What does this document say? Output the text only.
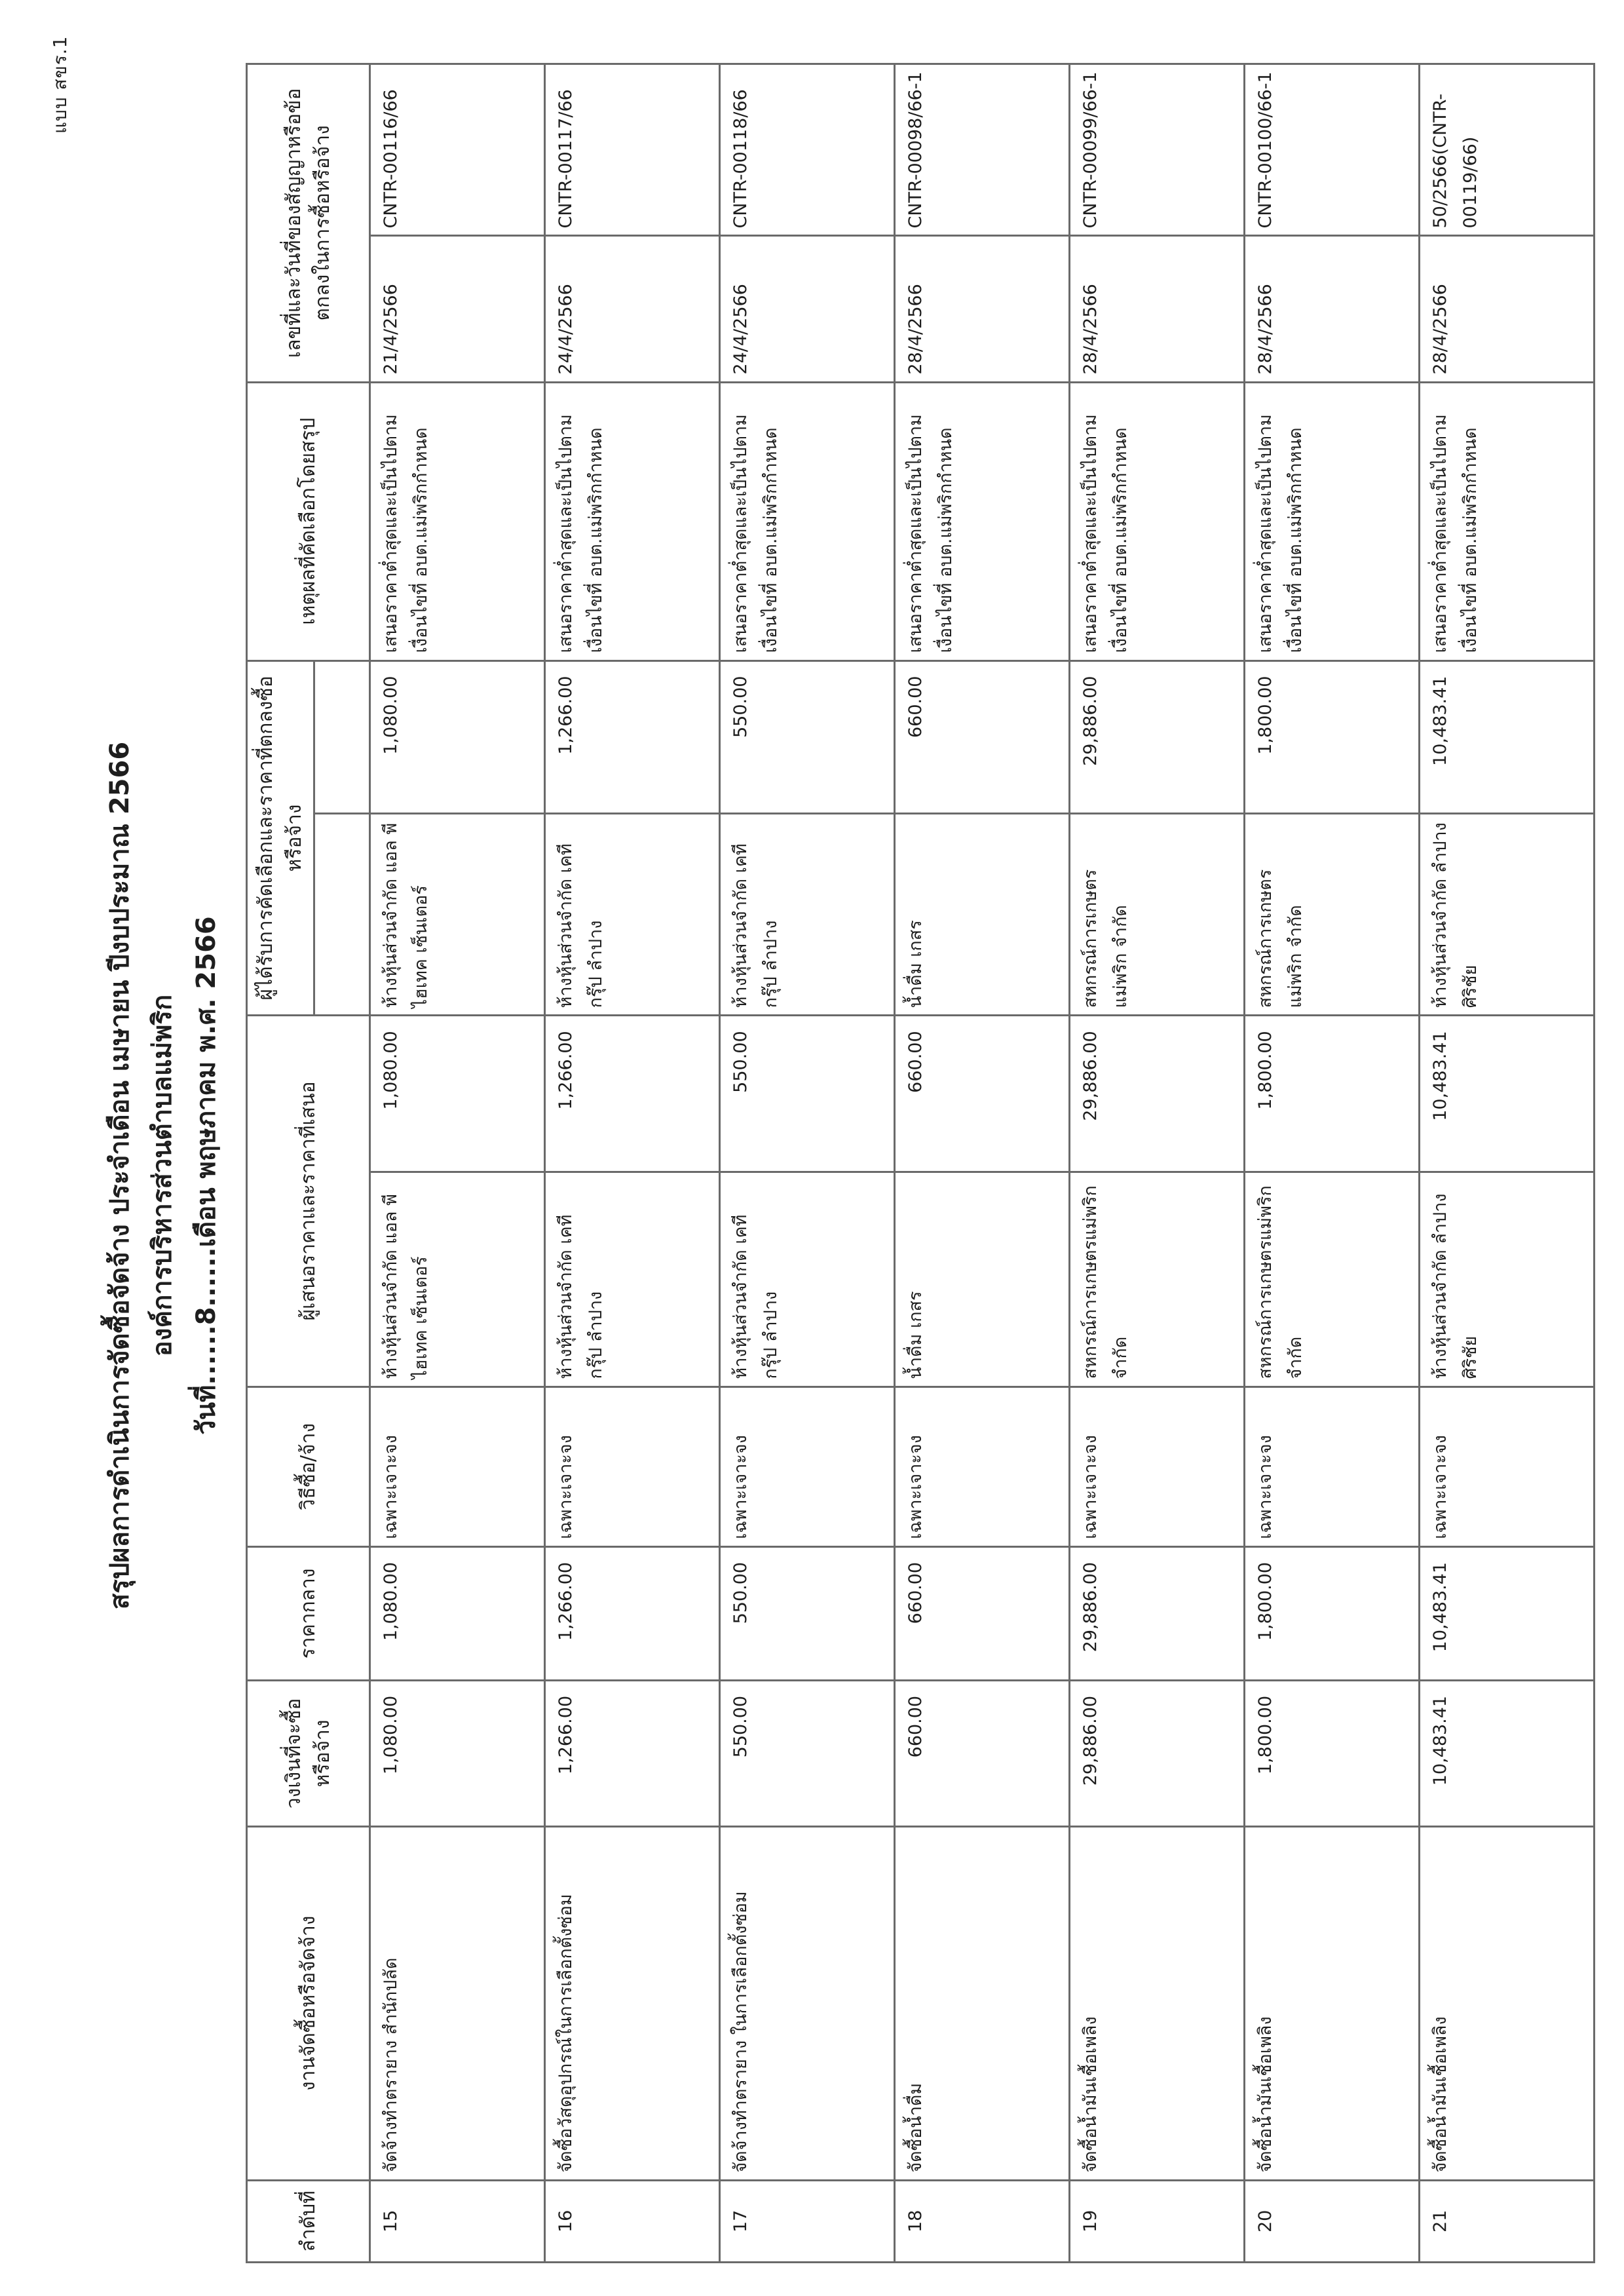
แบบ สขร.1
สรุปผลการดำเนินการจัดซื้อจัดจ้าง ประจำเดือน เมษายน ปีงบประมาณ 2566 องค์การบริหารส่วนตำบลแม่พริก วันที่......8......เดือน พฤษภาคม พ.ศ. 2566
ลำดับที่	งานจัดซื้อหรือจัดจ้าง	วงเงินที่จะซื้อหรือจ้าง	ราคากลาง	วิธีซื้อ/จ้าง	ผู้เสนอราคาและราคาที่เสนอ		ผู้ได้รับการคัดเลือกและราคาที่ตกลงซื้อหรือจ้าง		เหตุผลที่คัดเลือกโดยสรุป	เลขที่และวันที่ของสัญญาหรือข้อตกลงในการซื้อหรือจ้าง	

15	จัดจ้างทำตรายาง สำนักปลัด	1,080.00	1,080.00	เฉพาะเจาะจง	ห้างหุ้นส่วนจำกัด แอล พี ไฮเทค เซ็นเตอร์	1,080.00	ห้างหุ้นส่วนจำกัด แอล พี ไฮเทค เซ็นเตอร์	1,080.00	เสนอราคาต่ำสุดและเป็นไปตามเงื่อนไขที่ อบต.แม่พริกกำหนด	21/4/2566	CNTR-00116/66
16	จัดซื้อวัสดุอุปกรณ์ในการเลือกตั้งซ่อม	1,266.00	1,266.00	เฉพาะเจาะจง	ห้างหุ้นส่วนจำกัด เคที กรุ๊ป ลำปาง	1,266.00	ห้างหุ้นส่วนจำกัด เคที กรุ๊ป ลำปาง	1,266.00	เสนอราคาต่ำสุดและเป็นไปตามเงื่อนไขที่ อบต.แม่พริกกำหนด	24/4/2566	CNTR-00117/66
17	จัดจ้างทำตรายาง ในการเลือกตั้งซ่อม	550.00	550.00	เฉพาะเจาะจง	ห้างหุ้นส่วนจำกัด เคที กรุ๊ป ลำปาง	550.00	ห้างหุ้นส่วนจำกัด เคที กรุ๊ป ลำปาง	550.00	เสนอราคาต่ำสุดและเป็นไปตามเงื่อนไขที่ อบต.แม่พริกกำหนด	24/4/2566	CNTR-00118/66
18	จัดซื้อน้ำดื่ม	660.00	660.00	เฉพาะเจาะจง	น้ำดื่ม เกสร	660.00	น้ำดื่ม เกสร	660.00	เสนอราคาต่ำสุดและเป็นไปตามเงื่อนไขที่ อบต.แม่พริกกำหนด	28/4/2566	CNTR-00098/66-1
19	จัดซื้อน้ำมันเชื้อเพลิง	29,886.00	29,886.00	เฉพาะเจาะจง	สหกรณ์การเกษตรแม่พริก จำกัด	29,886.00	สหกรณ์การเกษตรแม่พริก จำกัด	29,886.00	เสนอราคาต่ำสุดและเป็นไปตามเงื่อนไขที่ อบต.แม่พริกกำหนด	28/4/2566	CNTR-00099/66-1
20	จัดซื้อน้ำมันเชื้อเพลิง	1,800.00	1,800.00	เฉพาะเจาะจง	สหกรณ์การเกษตรแม่พริก จำกัด	1,800.00	สหกรณ์การเกษตรแม่พริก จำกัด	1,800.00	เสนอราคาต่ำสุดและเป็นไปตามเงื่อนไขที่ อบต.แม่พริกกำหนด	28/4/2566	CNTR-00100/66-1
21	จัดซื้อน้ำมันเชื้อเพลิง	10,483.41	10,483.41	เฉพาะเจาะจง	ห้างหุ้นส่วนจำกัด ลำปางศิริชัย	10,483.41	ห้างหุ้นส่วนจำกัด ลำปางศิริชัย	10,483.41	เสนอราคาต่ำสุดและเป็นไปตามเงื่อนไขที่ อบต.แม่พริกกำหนด	28/4/2566	50/2566(CNTR-00119/66)
